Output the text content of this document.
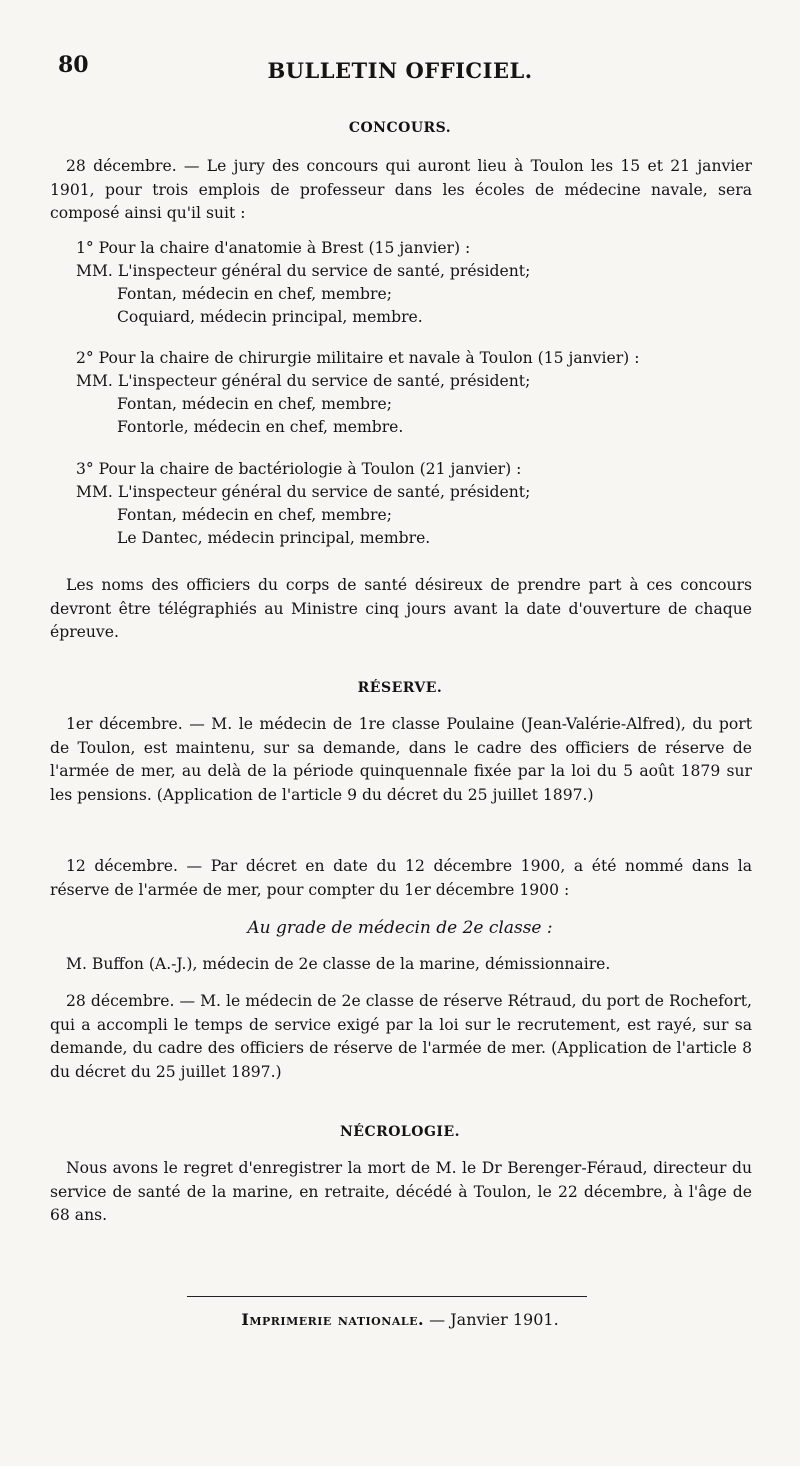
80	BULLETIN OFFICIEL.
CONCOURS.
28 décembre. — Le jury des concours qui auront lieu à Toulon les 15 et 21 janvier 1901, pour trois emplois de professeur dans les écoles de médecine navale, sera composé ainsi qu'il suit :
1° Pour la chaire d'anatomie à Brest (15 janvier) :
MM. L'inspecteur général du service de santé, président;
Fontan, médecin en chef, membre;
Coquiard, médecin principal, membre.
2° Pour la chaire de chirurgie militaire et navale à Toulon (15 janvier) :
MM. L'inspecteur général du service de santé, président;
Fontan, médecin en chef, membre;
Fontorle, médecin en chef, membre.
3° Pour la chaire de bactériologie à Toulon (21 janvier) :
MM. L'inspecteur général du service de santé, président;
Fontan, médecin en chef, membre;
Le Dantec, médecin principal, membre.
Les noms des officiers du corps de santé désireux de prendre part à ces concours devront être télégraphiés au Ministre cinq jours avant la date d'ouverture de chaque épreuve.
RÉSERVE.
1er décembre. — M. le médecin de 1re classe Poulaine (Jean-Valérie-Alfred), du port de Toulon, est maintenu, sur sa demande, dans le cadre des officiers de réserve de l'armée de mer, au delà de la période quinquennale fixée par la loi du 5 août 1879 sur les pensions. (Application de l'article 9 du décret du 25 juillet 1897.)
12 décembre. — Par décret en date du 12 décembre 1900, a été nommé dans la réserve de l'armée de mer, pour compter du 1er décembre 1900 :
Au grade de médecin de 2e classe :
M. Buffon (A.-J.), médecin de 2e classe de la marine, démissionnaire.
28 décembre. — M. le médecin de 2e classe de réserve Rétraud, du port de Rochefort, qui a accompli le temps de service exigé par la loi sur le recrutement, est rayé, sur sa demande, du cadre des officiers de réserve de l'armée de mer. (Application de l'article 8 du décret du 25 juillet 1897.)
NÉCROLOGIE.
Nous avons le regret d'enregistrer la mort de M. le Dr Berenger-Féraud, directeur du service de santé de la marine, en retraite, décédé à Toulon, le 22 décembre, à l'âge de 68 ans.
Imprimerie nationale. — Janvier 1901.
